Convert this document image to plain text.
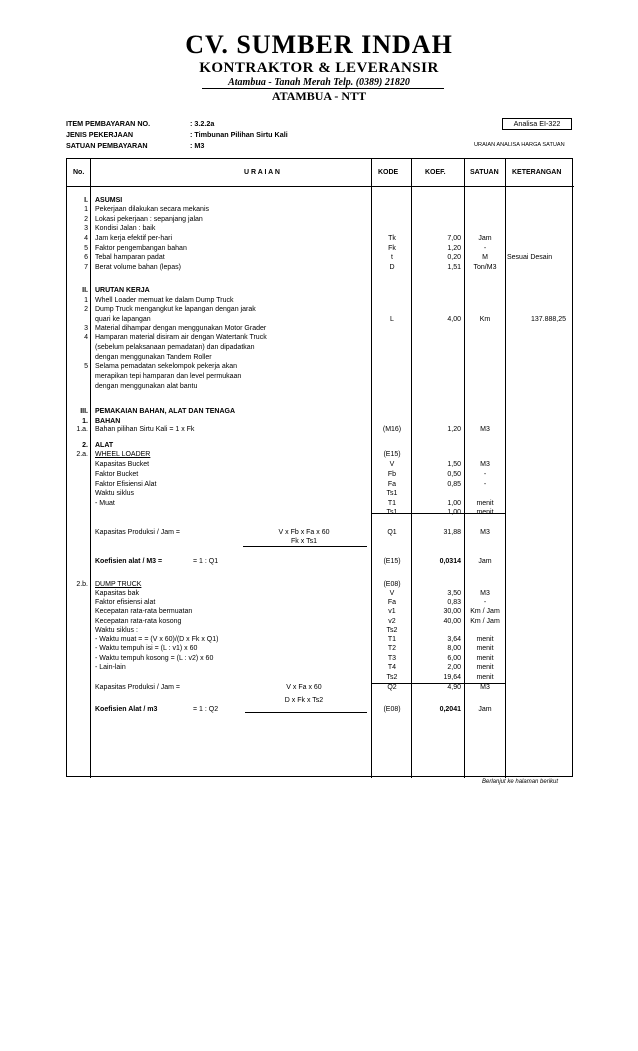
CV. SUMBER INDAH
KONTRAKTOR & LEVERANSIR
Atambua - Tanah Merah Telp. (0389) 21820
ATAMBUA - NTT
ITEM PEMBAYARAN NO.	: 3.2.2a
JENIS PEKERJAAN	: Timbunan Pilihan Sirtu Kali
SATUAN PEMBAYARAN	: M3
Analisa EI-322
URAIAN ANALISA HARGA SATUAN
No.	U R A I A N	KODE	KOEF.	SATUAN KETERANGAN
I. ASUMSI
1 Pekerjaan dilakukan secara mekanis
2 Lokasi pekerjaan : sepanjang jalan
3 Kondisi Jalan : baik
4 Jam kerja efektif per-hari	Tk	7,00	Jam
5 Faktor pengembangan bahan	Fk	1,20	-
6 Tebal hamparan padat	t	0,20	M	Sesuai Desain
7 Berat volume bahan (lepas)	D	1,51	Ton/M3
II. URUTAN KERJA
1 Whell Loader memuat ke dalam Dump Truck
2 Dump Truck mengangkut ke lapangan dengan jarak
quari ke lapangan	L	4,00	Km	137.888,25
3 Material dihampar dengan menggunakan Motor Grader
4 Hamparan material disiram air dengan Watertank Truck
(sebelum pelaksanaan pemadatan) dan dipadatkan
dengan menggunakan Tandem Roller
5 Selama pemadatan sekelompok pekerja akan
merapikan tepi hamparan dan level permukaan
dengan menggunakan alat bantu
III. PEMAKAIAN BAHAN, ALAT DAN TENAGA
1. BAHAN
1.a. Bahan pilihan Sirtu Kali = 1 x Fk	(M16)	1,20	M3
2. ALAT
2.a. WHEEL LOADER	(E15)
Kapasitas Bucket	V	1,50	M3
Faktor Bucket	Fb	0,50	-
Faktor Efisiensi Alat	Fa	0,85	-
Waktu siklus	Ts1
- Muat	T1	1,00	menit
Ts1	1,00	menit
Kapasitas Produksi / Jam =	V x Fb x Fa x 60	Q1	31,88	M3
Fk x Ts1
Koefisien alat / M3 =	= 1 : Q1	(E15)	0,0314	Jam
2.b. DUMP TRUCK	(E08)
Kapasitas bak	V	3,50	M3
Faktor efisiensi alat	Fa	0,83	-
Kecepatan rata-rata bermuatan	v1	30,00	Km / Jam
Kecepatan rata-rata kosong	v2	40,00	Km / Jam
Waktu siklus :	Ts2
- Waktu muat = = (V x 60)/(D x Fk x Q1)	T1	3,64	menit
- Waktu tempuh isi = (L : v1) x 60	T2	8,00	menit
- Waktu tempuh kosong = (L : v2) x 60	T3	6,00	menit
- Lain-lain	T4	2,00	menit
Ts2	19,64	menit
Kapasitas Produksi / Jam =	V x Fa x 60	Q2	4,90	M3
D x Fk x Ts2
Koefisien Alat / m3	= 1 : Q2	(E08)	0,2041	Jam
Berlanjut ke halaman berikut
